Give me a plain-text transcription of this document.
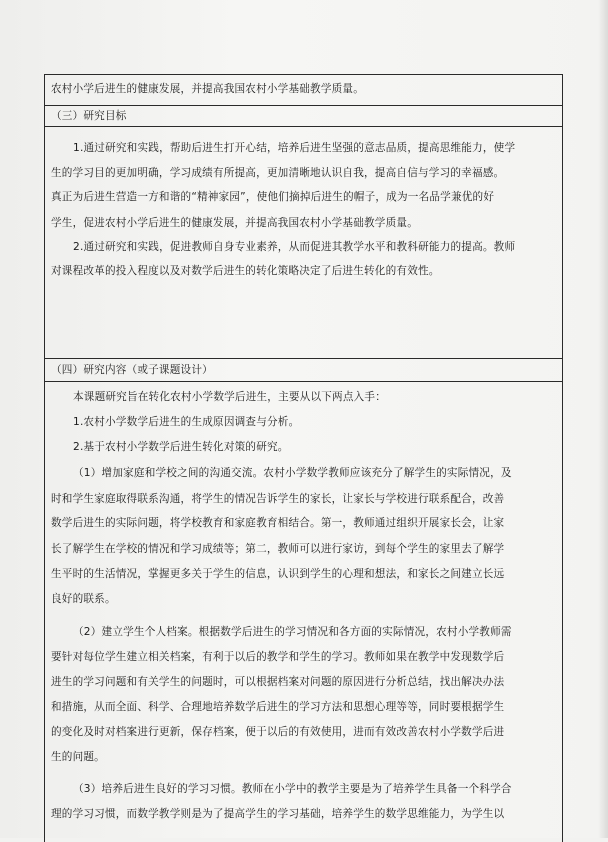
农村小学后进生的健康发展，并提高我国农村小学基础教学质量。
（三）研究目标
1.通过研究和实践，帮助后进生打开心结，培养后进生坚强的意志品质，提高思维能力，使学
生的学习目的更加明确，学习成绩有所提高，更加清晰地认识自我，提高自信与学习的幸福感。
真正为后进生营造一方和谐的“精神家园”，使他们摘掉后进生的帽子，成为一名品学兼优的好
学生，促进农村小学后进生的健康发展，并提高我国农村小学基础教学质量。
2.通过研究和实践，促进教师自身专业素养，从而促进其教学水平和教科研能力的提高。教师
对课程改革的投入程度以及对数学后进生的转化策略决定了后进生转化的有效性。
（四）研究内容（或子课题设计）
本课题研究旨在转化农村小学数学后进生，主要从以下两点入手：
1.农村小学数学后进生的生成原因调查与分析。
2.基于农村小学数学后进生转化对策的研究。
（1）增加家庭和学校之间的沟通交流。农村小学数学教师应该充分了解学生的实际情况，及
时和学生家庭取得联系沟通，将学生的情况告诉学生的家长，让家长与学校进行联系配合，改善
数学后进生的实际问题，将学校教育和家庭教育相结合。第一，教师通过组织开展家长会，让家
长了解学生在学校的情况和学习成绩等；第二，教师可以进行家访，到每个学生的家里去了解学
生平时的生活情况，掌握更多关于学生的信息，认识到学生的心理和想法，和家长之间建立长远
良好的联系。
（2）建立学生个人档案。根据数学后进生的学习情况和各方面的实际情况，农村小学教师需
要针对每位学生建立相关档案，有利于以后的教学和学生的学习。教师如果在教学中发现数学后
进生的学习问题和有关学生的问题时，可以根据档案对问题的原因进行分析总结，找出解决办法
和措施，从而全面、科学、合理地培养数学后进生的学习方法和思想心理等等，同时要根据学生
的变化及时对档案进行更新，保存档案，便于以后的有效使用，进而有效改善农村小学数学后进
生的问题。
（3）培养后进生良好的学习习惯。教师在小学中的教学主要是为了培养学生具备一个科学合
理的学习习惯，而数学教学则是为了提高学生的学习基础，培养学生的数学思维能力，为学生以
